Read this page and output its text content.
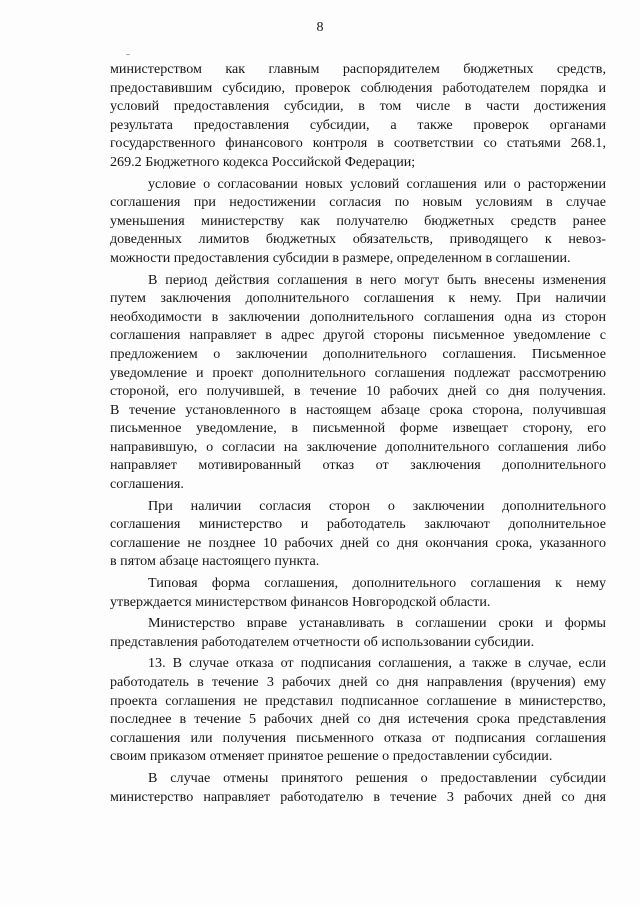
8
министерством как главным распорядителем бюджетных средств,
предоставившим субсидию, проверок соблюдения работодателем порядка и
условий предоставления субсидии, в том числе в части достижения
результата предоставления субсидии, а также проверок органами
государственного финансового контроля в соответствии со статьями 268.1,
269.2 Бюджетного кодекса Российской Федерации;
условие о согласовании новых условий соглашения или о расторжении
соглашения при недостижении согласия по новым условиям в случае
уменьшения министерству как получателю бюджетных средств ранее
доведенных лимитов бюджетных обязательств, приводящего к невоз-
можности предоставления субсидии в размере, определенном в соглашении.
В период действия соглашения в него могут быть внесены изменения
путем заключения дополнительного соглашения к нему. При наличии
необходимости в заключении дополнительного соглашения одна из сторон
соглашения направляет в адрес другой стороны письменное уведомление с
предложением о заключении дополнительного соглашения. Письменное
уведомление и проект дополнительного соглашения подлежат рассмотрению
стороной, его получившей, в течение 10 рабочих дней со дня получения.
В течение установленного в настоящем абзаце срока сторона, получившая
письменное уведомление, в письменной форме извещает сторону, его
направившую, о согласии на заключение дополнительного соглашения либо
направляет мотивированный отказ от заключения дополнительного
соглашения.
При наличии согласия сторон о заключении дополнительного
соглашения министерство и работодатель заключают дополнительное
соглашение не позднее 10 рабочих дней со дня окончания срока, указанного
в пятом абзаце настоящего пункта.
Типовая форма соглашения, дополнительного соглашения к нему
утверждается министерством финансов Новгородской области.
Министерство вправе устанавливать в соглашении сроки и формы
представления работодателем отчетности об использовании субсидии.
13. В случае отказа от подписания соглашения, а также в случае, если
работодатель в течение 3 рабочих дней со дня направления (вручения) ему
проекта соглашения не представил подписанное соглашение в министерство,
последнее в течение 5 рабочих дней со дня истечения срока представления
соглашения или получения письменного отказа от подписания соглашения
своим приказом отменяет принятое решение о предоставлении субсидии.
В случае отмены принятого решения о предоставлении субсидии
министерство направляет работодателю в течение 3 рабочих дней со дня
